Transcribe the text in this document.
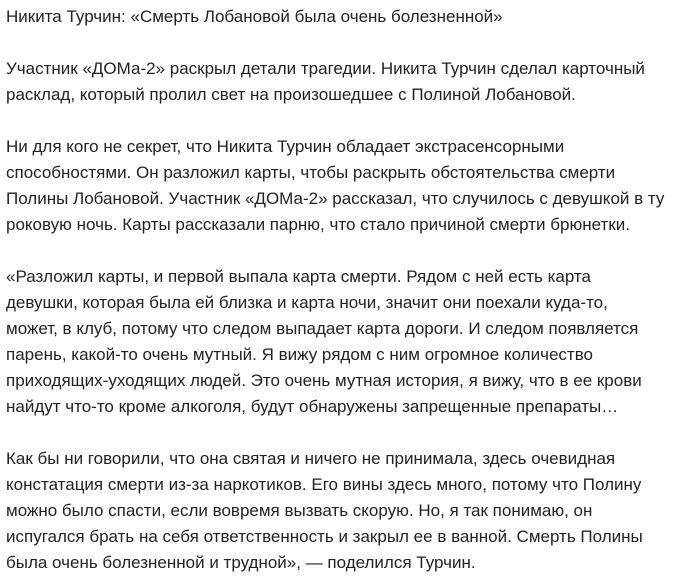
Никита Турчин: «Смерть Лобановой была очень болезненной»
Участник «ДОМа-2» раскрыл детали трагедии. Никита Турчин сделал карточный
расклад, который пролил свет на произошедшее с Полиной Лобановой.
Ни для кого не секрет, что Никита Турчин обладает экстрасенсорными
способностями. Он разложил карты, чтобы раскрыть обстоятельства смерти
Полины Лобановой. Участник «ДОМа-2» рассказал, что случилось с девушкой в ту
роковую ночь. Карты рассказали парню, что стало причиной смерти брюнетки.
«Разложил карты, и первой выпала карта смерти. Рядом с ней есть карта
девушки, которая была ей близка и карта ночи, значит они поехали куда-то,
может, в клуб, потому что следом выпадает карта дороги. И следом появляется
парень, какой-то очень мутный. Я вижу рядом с ним огромное количество
приходящих-уходящих людей. Это очень мутная история, я вижу, что в ее крови
найдут что-то кроме алкоголя, будут обнаружены запрещенные препараты…
Как бы ни говорили, что она святая и ничего не принимала, здесь очевидная
констатация смерти из-за наркотиков. Его вины здесь много, потому что Полину
можно было спасти, если вовремя вызвать скорую. Но, я так понимаю, он
испугался брать на себя ответственность и закрыл ее в ванной. Смерть Полины
была очень болезненной и трудной», — поделился Турчин.
